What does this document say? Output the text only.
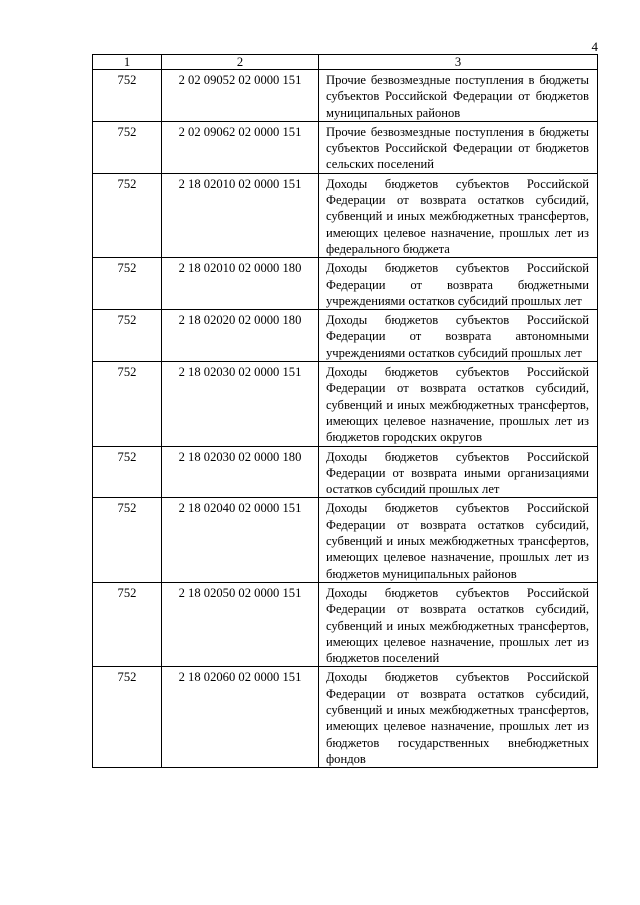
4
1	2	3
752	2 02 09052 02 0000 151	Прочие безвозмездные поступления в бюджеты субъектов Российской Федерации от бюджетов муниципальных районов
752	2 02 09062 02 0000 151	Прочие безвозмездные поступления в бюджеты субъектов Российской Федерации от бюджетов сельских поселений
752	2 18 02010 02 0000 151	Доходы бюджетов субъектов Российской Федерации от возврата остатков субсидий, субвенций и иных межбюджетных трансфертов, имеющих целевое назначение, прошлых лет из федерального бюджета
752	2 18 02010 02 0000 180	Доходы бюджетов субъектов Российской Федерации от возврата бюджетными учреждениями остатков субсидий прошлых лет
752	2 18 02020 02 0000 180	Доходы бюджетов субъектов Российской Федерации от возврата автономными учреждениями остатков субсидий прошлых лет
752	2 18 02030 02 0000 151	Доходы бюджетов субъектов Российской Федерации от возврата остатков субсидий, субвенций и иных межбюджетных трансфертов, имеющих целевое назначение, прошлых лет из бюджетов городских округов
752	2 18 02030 02 0000 180	Доходы бюджетов субъектов Российской Федерации от возврата иными организациями остатков субсидий прошлых лет
752	2 18 02040 02 0000 151	Доходы бюджетов субъектов Российской Федерации от возврата остатков субсидий, субвенций и иных межбюджетных трансфертов, имеющих целевое назначение, прошлых лет из бюджетов муниципальных районов
752	2 18 02050 02 0000 151	Доходы бюджетов субъектов Российской Федерации от возврата остатков субсидий, субвенций и иных межбюджетных трансфертов, имеющих целевое назначение, прошлых лет из бюджетов поселений
752	2 18 02060 02 0000 151	Доходы бюджетов субъектов Российской Федерации от возврата остатков субсидий, субвенций и иных межбюджетных трансфертов, имеющих целевое назначение, прошлых лет из бюджетов государственных внебюджетных фондов
